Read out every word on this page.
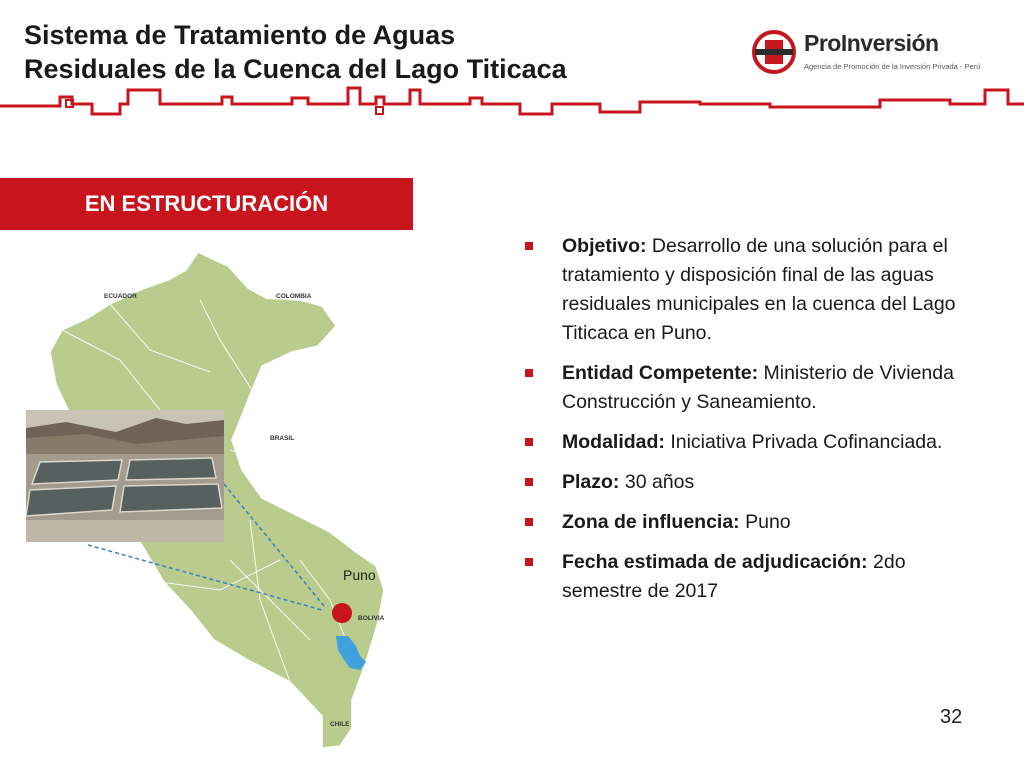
Sistema de Tratamiento de Aguas
Residuales de la Cuenca del Lago Titicaca
ProInversión
Agencia de Promoción de la Inversión Privada - Perú
EN ESTRUCTURACIÓN
ECUADOR	COLOMBIA
BRASIL
BOLIVIA
CHILE
Puno
Objetivo: Desarrollo de una solución para el tratamiento y disposición final de las aguas residuales municipales en la cuenca del Lago Titicaca en Puno.
Entidad Competente: Ministerio de Vivienda Construcción y Saneamiento.
Modalidad: Iniciativa Privada Cofinanciada.
Plazo: 30 años
Zona de influencia: Puno
Fecha estimada de adjudicación: 2do semestre de 2017
32
